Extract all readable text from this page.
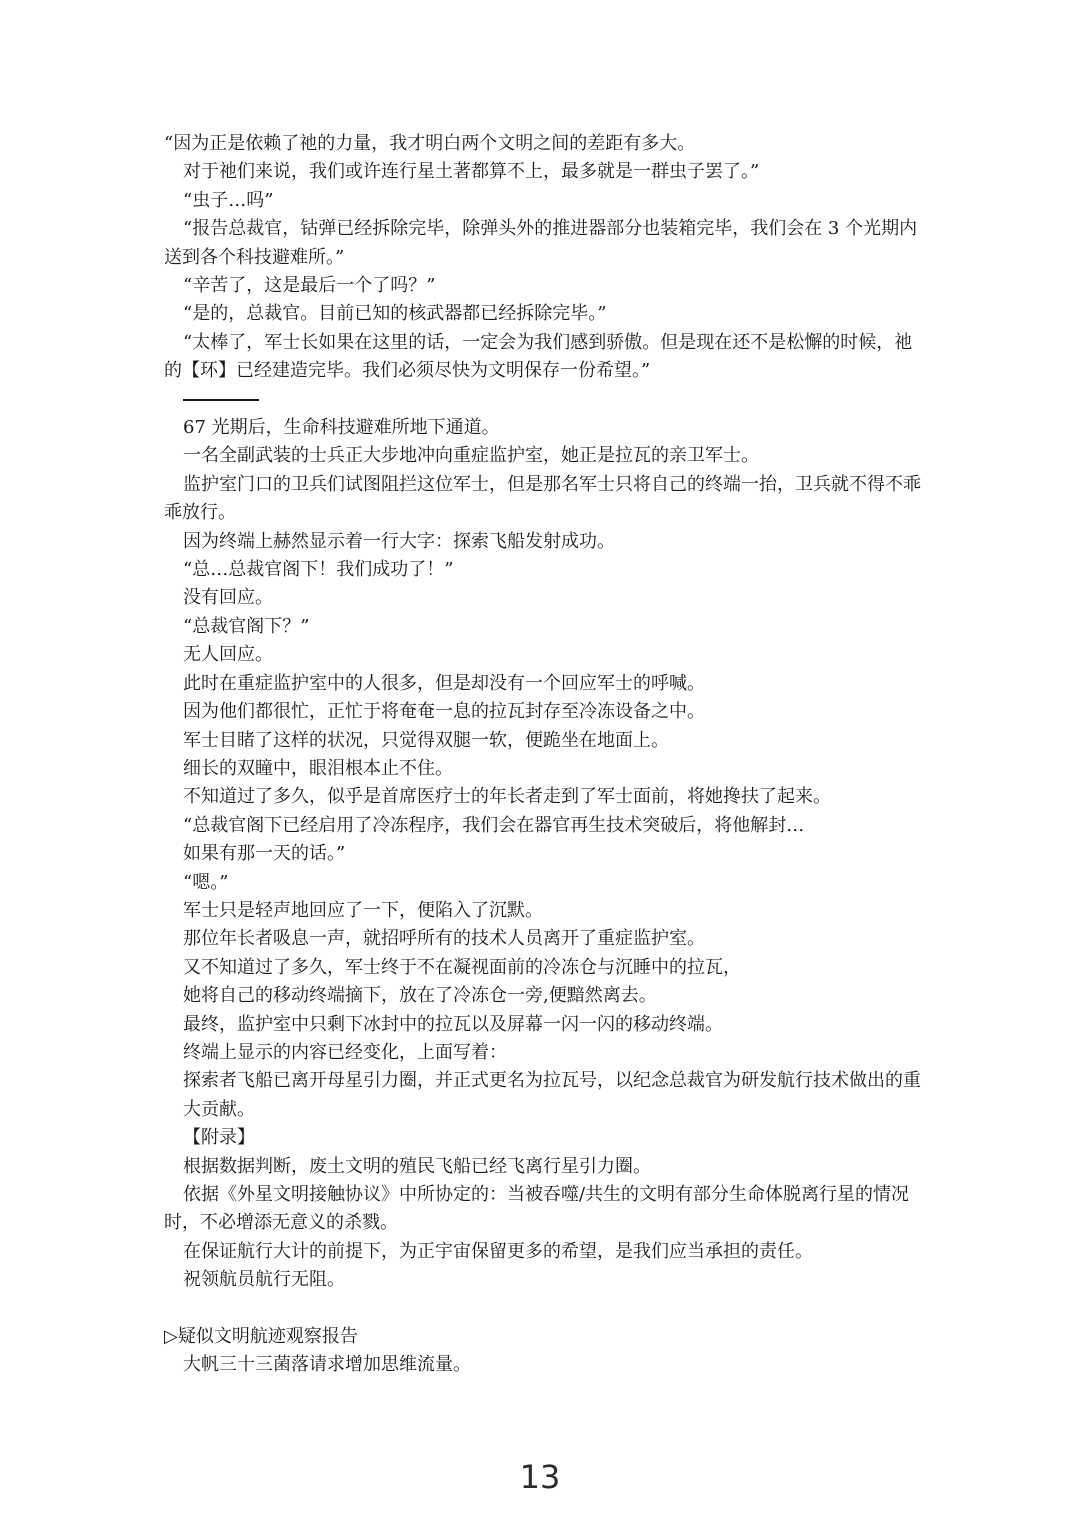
“因为正是依赖了祂的力量，我才明白两个文明之间的差距有多大。
对于祂们来说，我们或许连行星土著都算不上，最多就是一群虫子罢了。”
“虫子…吗”
“报告总裁官，钴弹已经拆除完毕，除弹头外的推进器部分也装箱完毕，我们会在 3 个光期内送到各个科技避难所。”
“辛苦了，这是最后一个了吗？”
“是的，总裁官。目前已知的核武器都已经拆除完毕。”
“太棒了，军士长如果在这里的话，一定会为我们感到骄傲。但是现在还不是松懈的时候，祂的【环】已经建造完毕。我们必须尽快为文明保存一份希望。”
67 光期后，生命科技避难所地下通道。
一名全副武装的士兵正大步地冲向重症监护室，她正是拉瓦的亲卫军士。
监护室门口的卫兵们试图阻拦这位军士，但是那名军士只将自己的终端一抬，卫兵就不得不乖乖放行。
因为终端上赫然显示着一行大字：探索飞船发射成功。
“总…总裁官阁下！我们成功了！”
没有回应。
“总裁官阁下？”
无人回应。
此时在重症监护室中的人很多，但是却没有一个回应军士的呼喊。
因为他们都很忙，正忙于将奄奄一息的拉瓦封存至冷冻设备之中。
军士目睹了这样的状况，只觉得双腿一软，便跪坐在地面上。
细长的双瞳中，眼泪根本止不住。
不知道过了多久，似乎是首席医疗士的年长者走到了军士面前，将她搀扶了起来。
“总裁官阁下已经启用了冷冻程序，我们会在器官再生技术突破后，将他解封…
如果有那一天的话。”
“嗯。”
军士只是轻声地回应了一下，便陷入了沉默。
那位年长者吸息一声，就招呼所有的技术人员离开了重症监护室。
又不知道过了多久，军士终于不在凝视面前的冷冻仓与沉睡中的拉瓦，
她将自己的移动终端摘下，放在了冷冻仓一旁,便黯然离去。
最终，监护室中只剩下冰封中的拉瓦以及屏幕一闪一闪的移动终端。
终端上显示的内容已经变化，上面写着：
探索者飞船已离开母星引力圈，并正式更名为拉瓦号，以纪念总裁官为研发航行技术做出的重大贡献。
【附录】
根据数据判断，废土文明的殖民飞船已经飞离行星引力圈。
依据《外星文明接触协议》中所协定的：当被吞噬/共生的文明有部分生命体脱离行星的情况时，不必增添无意义的杀戮。
在保证航行大计的前提下，为正宇宙保留更多的希望，是我们应当承担的责任。
祝领航员航行无阻。
▷疑似文明航迹观察报告
大帆三十三菌落请求增加思维流量。
13
